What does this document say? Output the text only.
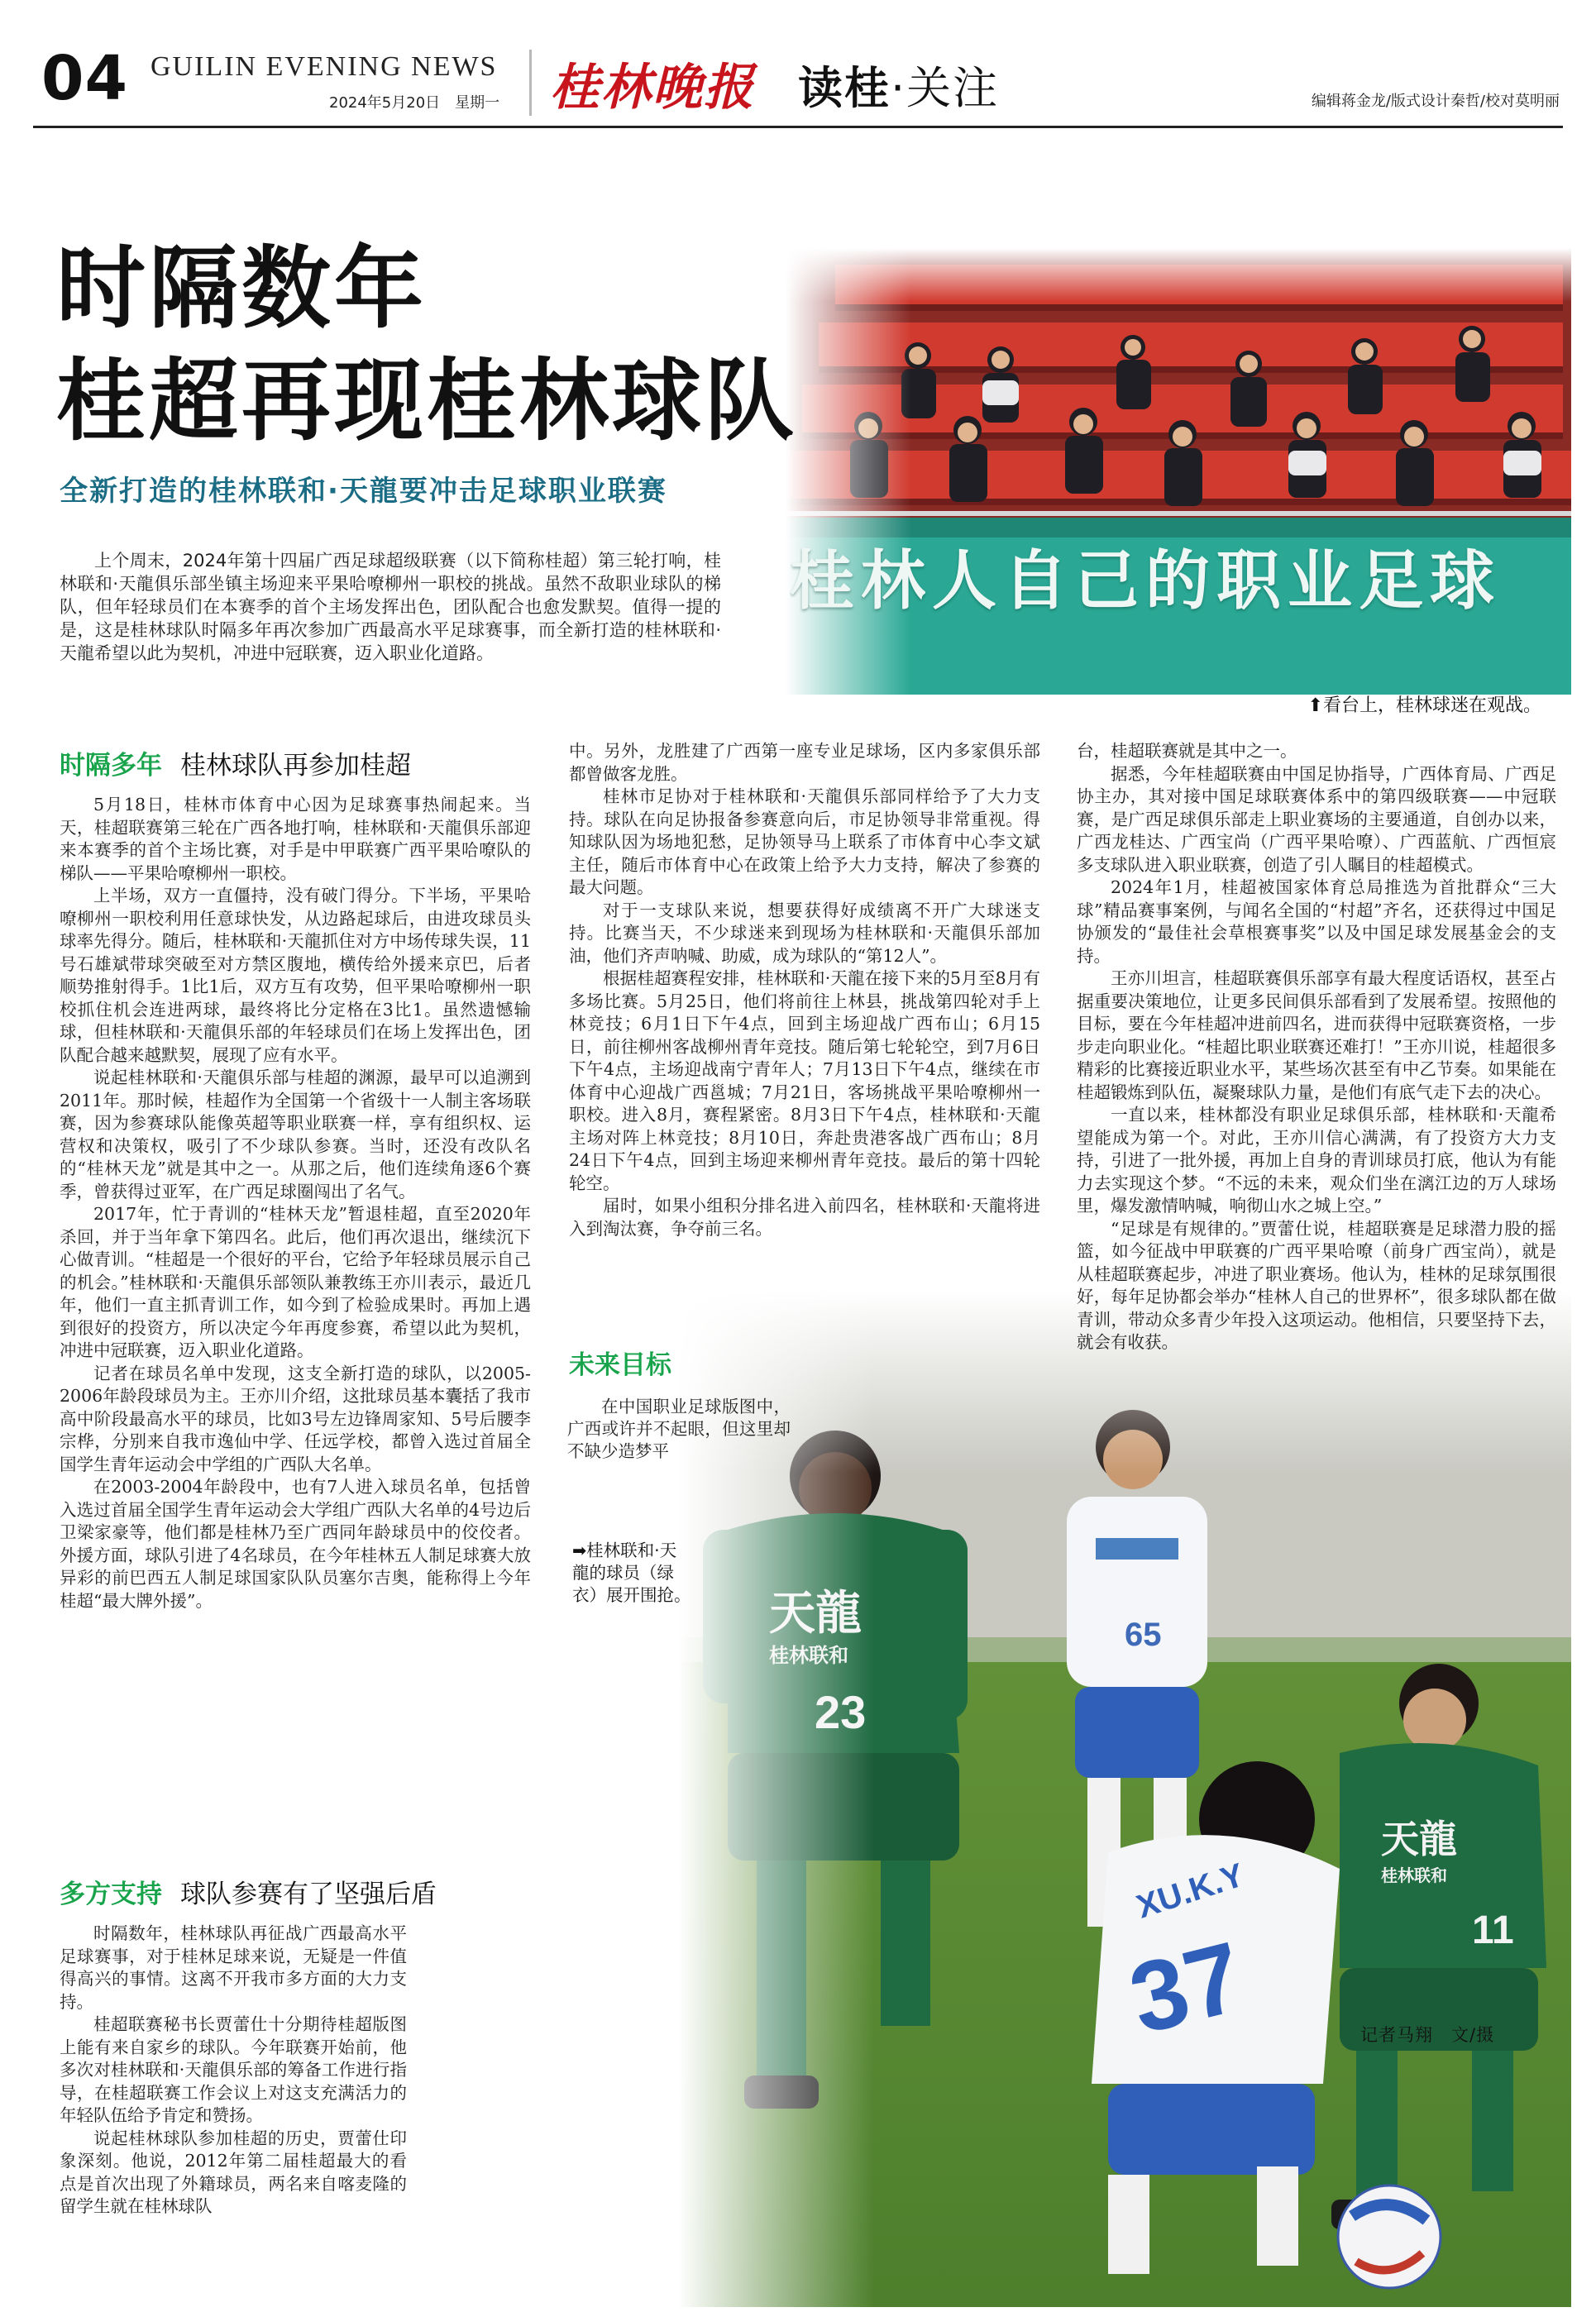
04 GUILIN EVENING NEWS
2024年5月20日　星期一 桂林晚报 读桂·关注	编辑蒋金龙/版式设计秦哲/校对莫明丽
桂林人自己的职业足球
⬆看台上，桂林球迷在观战。
时隔数年
桂超再现桂林球队
全新打造的桂林联和·天龍要冲击足球职业联赛
上个周末，2024年第十四届广西足球超级联赛（以下简称桂超）第三轮打响，桂林联和·天龍俱乐部坐镇主场迎来平果哈嘹柳州一职校的挑战。虽然不敌职业球队的梯队，但年轻球员们在本赛季的首个主场发挥出色，团队配合也愈发默契。值得一提的是，这是桂林球队时隔多年再次参加广西最高水平足球赛事，而全新打造的桂林联和·天龍希望以此为契机，冲进中冠联赛，迈入职业化道路。
时隔多年 桂林球队再参加桂超

5月18日，桂林市体育中心因为足球赛事热闹起来。当天，桂超联赛第三轮在广西各地打响，桂林联和·天龍俱乐部迎来本赛季的首个主场比赛，对手是中甲联赛广西平果哈嘹队的梯队——平果哈嘹柳州一职校。

上半场，双方一直僵持，没有破门得分。下半场，平果哈嘹柳州一职校利用任意球快发，从边路起球后，由进攻球员头球率先得分。随后，桂林联和·天龍抓住对方中场传球失误，11号石雄斌带球突破至对方禁区腹地，横传给外援来京巴，后者顺势推射得手。1比1后，双方互有攻势，但平果哈嘹柳州一职校抓住机会连进两球，最终将比分定格在3比1。虽然遗憾输球，但桂林联和·天龍俱乐部的年轻球员们在场上发挥出色，团队配合越来越默契，展现了应有水平。

说起桂林联和·天龍俱乐部与桂超的渊源，最早可以追溯到2011年。那时候，桂超作为全国第一个省级十一人制主客场联赛，因为参赛球队能像英超等职业联赛一样，享有组织权、运营权和决策权，吸引了不少球队参赛。当时，还没有改队名的“桂林天龙”就是其中之一。从那之后，他们连续角逐6个赛季，曾获得过亚军，在广西足球圈闯出了名气。

2017年，忙于青训的“桂林天龙”暂退桂超，直至2020年杀回，并于当年拿下第四名。此后，他们再次退出，继续沉下心做青训。“桂超是一个很好的平台，它给予年轻球员展示自己的机会。”桂林联和·天龍俱乐部领队兼教练王亦川表示，最近几年，他们一直主抓青训工作，如今到了检验成果时。再加上遇到很好的投资方，所以决定今年再度参赛，希望以此为契机，冲进中冠联赛，迈入职业化道路。

记者在球员名单中发现，这支全新打造的球队，以2005-2006年龄段球员为主。王亦川介绍，这批球员基本囊括了我市高中阶段最高水平的球员，比如3号左边锋周家知、5号后腰李宗桦，分别来自我市逸仙中学、任远学校，都曾入选过首届全国学生青年运动会中学组的广西队大名单。

在2003-2004年龄段中，也有7人进入球员名单，包括曾入选过首届全国学生青年运动会大学组广西队大名单的4号边后卫梁家豪等，他们都是桂林乃至广西同年龄球员中的佼佼者。外援方面，球队引进了4名球员，在今年桂林五人制足球赛大放异彩的前巴西五人制足球国家队队员塞尔吉奥，能称得上今年桂超“最大牌外援”。

多方支持 球队参赛有了坚强后盾

时隔数年，桂林球队再征战广西最高水平足球赛事，对于桂林足球来说，无疑是一件值得高兴的事情。这离不开我市多方面的大力支持。

桂超联赛秘书长贾蕾仕十分期待桂超版图上能有来自家乡的球队。今年联赛开始前，他多次对桂林联和·天龍俱乐部的筹备工作进行指导，在桂超联赛工作会议上对这支充满活力的年轻队伍给予肯定和赞扬。

说起桂林球队参加桂超的历史，贾蕾仕印象深刻。他说，2012年第二届桂超最大的看点是首次出现了外籍球员，两名来自喀麦隆的留学生就在桂林球队

中。另外，龙胜建了广西第一座专业足球场，区内多家俱乐部都曾做客龙胜。

桂林市足协对于桂林联和·天龍俱乐部同样给予了大力支持。球队在向足协报备参赛意向后，市足协领导非常重视。得知球队因为场地犯愁，足协领导马上联系了市体育中心李文斌主任，随后市体育中心在政策上给予大力支持，解决了参赛的最大问题。

对于一支球队来说，想要获得好成绩离不开广大球迷支持。比赛当天，不少球迷来到现场为桂林联和·天龍俱乐部加油，他们齐声呐喊、助威，成为球队的“第12人”。

根据桂超赛程安排，桂林联和·天龍在接下来的5月至8月有多场比赛。5月25日，他们将前往上林县，挑战第四轮对手上林竞技；6月1日下午4点，回到主场迎战广西布山；6月15日，前往柳州客战柳州青年竞技。随后第七轮轮空，到7月6日下午4点，主场迎战南宁青年人；7月13日下午4点，继续在市体育中心迎战广西邕城；7月21日，客场挑战平果哈嘹柳州一职校。进入8月，赛程紧密。8月3日下午4点，桂林联和·天龍主场对阵上林竞技；8月10日，奔赴贵港客战广西布山；8月24日下午4点，回到主场迎来柳州青年竞技。最后的第十四轮轮空。

届时，如果小组积分排名进入前四名，桂林联和·天龍将进入到淘汰赛，争夺前三名。

未来目标
在中国职业足球版图中，广西或许并不起眼，但这里却不缺少造梦平
➡桂林联和·天龍的球员（绿衣）展开围抢。

台，桂超联赛就是其中之一。

据悉，今年桂超联赛由中国足协指导，广西体育局、广西足协主办，其对接中国足球联赛体系中的第四级联赛——中冠联赛，是广西足球俱乐部走上职业赛场的主要通道，自创办以来，广西龙桂达、广西宝尚（广西平果哈嘹）、广西蓝航、广西恒宸多支球队进入职业联赛，创造了引人瞩目的桂超模式。

2024年1月，桂超被国家体育总局推选为首批群众“三大球”精品赛事案例，与闻名全国的“村超”齐名，还获得过中国足协颁发的“最佳社会草根赛事奖”以及中国足球发展基金会的支持。

王亦川坦言，桂超联赛俱乐部享有最大程度话语权，甚至占据重要决策地位，让更多民间俱乐部看到了发展希望。按照他的目标，要在今年桂超冲进前四名，进而获得中冠联赛资格，一步步走向职业化。“桂超比职业联赛还难打！”王亦川说，桂超很多精彩的比赛接近职业水平，某些场次甚至有中乙节奏。如果能在桂超锻炼到队伍，凝聚球队力量，是他们有底气走下去的决心。

一直以来，桂林都没有职业足球俱乐部，桂林联和·天龍希望能成为第一个。对此，王亦川信心满满，有了投资方大力支持，引进了一批外援，再加上自身的青训球员打底，他认为有能力去实现这个梦。“不远的未来，观众们坐在漓江边的万人球场里，爆发激情呐喊，响彻山水之城上空。”

“足球是有规律的。”贾蕾仕说，桂超联赛是足球潜力股的摇篮，如今征战中甲联赛的广西平果哈嘹（前身广西宝尚），就是从桂超联赛起步，冲进了职业赛场。他认为，桂林的足球氛围很好，每年足协都会举办“桂林人自己的世界杯”，很多球队都在做青训，带动众多青少年投入这项运动。他相信，只要坚持下去，就会有收获。

记者马翔　文/摄
